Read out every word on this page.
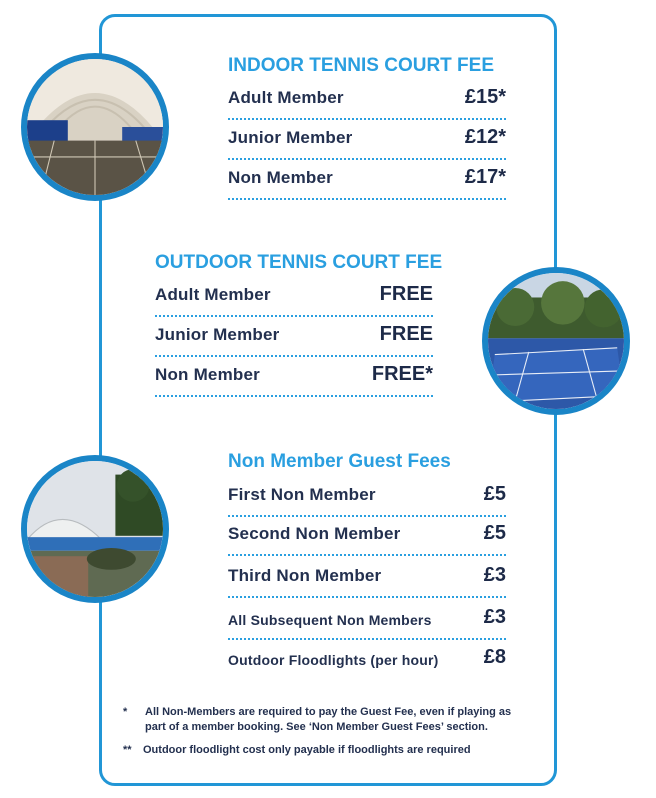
INDOOR TENNIS COURT FEE
Adult Member	£15*
Junior Member	£12*
Non Member	£17*
OUTDOOR TENNIS COURT FEE
Adult Member	FREE
Junior Member	FREE
Non Member	FREE*
Non Member Guest Fees
First Non Member	£5
Second Non Member	£5
Third Non Member	£3
All Subsequent Non Members	£3
Outdoor Floodlights (per hour) £8
* All Non-Members are required to pay the Guest Fee, even if playing as part of a member booking. See ‘Non Member Guest Fees’ section.
** Outdoor floodlight cost only payable if floodlights are required
